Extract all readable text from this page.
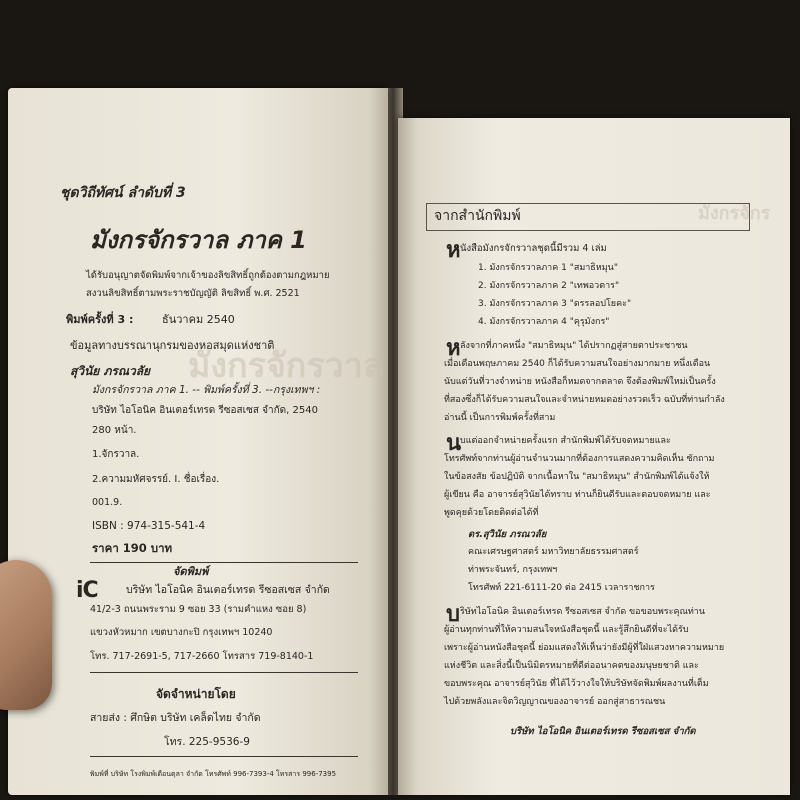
มังกรจักรวาล
ชุดวิถีทัศน์ ลำดับที่ 3
มังกรจักรวาล ภาค 1
ได้รับอนุญาตจัดพิมพ์จากเจ้าของลิขสิทธิ์ถูกต้องตามกฎหมาย
สงวนลิขสิทธิ์ตามพระราชบัญญัติ ลิขสิทธิ์ พ.ศ. 2521
พิมพ์ครั้งที่ 3 :	ธันวาคม 2540
ข้อมูลทางบรรณานุกรมของหอสมุดแห่งชาติ
สุวินัย ภรณวลัย
มังกรจักรวาล ภาค 1. -- พิมพ์ครั้งที่ 3. --กรุงเทพฯ :
บริษัท ไอโอนิค อินเตอร์เทรด รีซอสเซส จำกัด, 2540
280 หน้า.
1.จักรวาล.
2.ความมหัศจรรย์. I. ชื่อเรื่อง.
001.9.
ISBN : 974-315-541-4
ราคา 190 บาท
จัดพิมพ์
iC	บริษัท ไอโอนิค อินเตอร์เทรด รีซอสเซส จำกัด
41/2-3 ถนนพระราม 9 ซอย 33 (รามคำแหง ซอย 8)
แขวงหัวหมาก เขตบางกะปิ กรุงเทพฯ 10240
โทร. 717-2691-5, 717-2660 โทรสาร 719-8140-1
จัดจำหน่ายโดย
สายส่ง : ศึกษิต บริษัท เคล็ดไทย จำกัด
โทร. 225-9536-9
พิมพ์ที่ บริษัท โรงพิมพ์เดือนตุลา จำกัด โทรศัพท์ 996-7393-4 โทรสาร 996-7395
มังกรจักร
จากสำนักพิมพ์
ห นังสือมังกรจักรวาลชุดนี้มีรวม 4 เล่ม
1. มังกรจักรวาลภาค 1 "สมาธิหมุน"
2. มังกรจักรวาลภาค 2 "เทพอวตาร"
3. มังกรจักรวาลภาค 3 "ดรรลอปโยคะ"
4. มังกรจักรวาลภาค 4 "คุรุมังกร"
ห ลังจากที่ภาคหนึ่ง "สมาธิหมุน" ได้ปรากฏสู่สายตาประชาชน
เมื่อเดือนพฤษภาคม 2540 ก็ได้รับความสนใจอย่างมากมาย หนึ่งเดือน
นับแต่วันที่วางจำหน่าย หนังสือก็หมดจากตลาด จึงต้องพิมพ์ใหม่เป็นครั้ง
ที่สองซึ่งก็ได้รับความสนใจและจำหน่ายหมดอย่างรวดเร็ว ฉบับที่ท่านกำลัง
อ่านนี้ เป็นการพิมพ์ครั้งที่สาม
น
บแต่ออกจำหน่ายครั้งแรก สำนักพิมพ์ได้รับจดหมายและ
โทรศัพท์จากท่านผู้อ่านจำนวนมากที่ต้องการแสดงความคิดเห็น ซักถาม
ในข้อสงสัย ข้อปฏิบัติ จากเนื้อหาใน "สมาธิหมุน" สำนักพิมพ์ได้แจ้งให้
ผู้เขียน คือ อาจารย์สุวินัยได้ทราบ ท่านก็ยินดีรับและตอบจดหมาย และ
พูดคุยด้วยโดยติดต่อได้ที่
ดร.สุวินัย ภรณวลัย
คณะเศรษฐศาสตร์ มหาวิทยาลัยธรรมศาสตร์
ท่าพระจันทร์, กรุงเทพฯ
โทรศัพท์ 221-6111-20 ต่อ 2415 เวลาราชการ
บ ริษัทไอโอนิค อินเตอร์เทรด รีซอสเซส จำกัด ขอขอบพระคุณท่าน
ผู้อ่านทุกท่านที่ให้ความสนใจหนังสือชุดนี้ และรู้สึกยินดีที่จะได้รับ
เพราะผู้อ่านหนังสือชุดนี้ ย่อมแสดงให้เห็นว่ายังมีผู้ที่ใฝ่แสวงหาความหมาย
แห่งชีวิต และสิ่งนี้เป็นนิมิตรหมายที่ดีต่ออนาคตของมนุษยชาติ และ
ขอบพระคุณ อาจารย์สุวินัย ที่ได้ไว้วางใจให้บริษัทจัดพิมพ์ผลงานที่เต็ม
ไปด้วยพลังและจิตวิญญาณของอาจารย์ ออกสู่สาธารณชน
บริษัท ไอโอนิค อินเตอร์เทรด รีซอสเซส จำกัด
